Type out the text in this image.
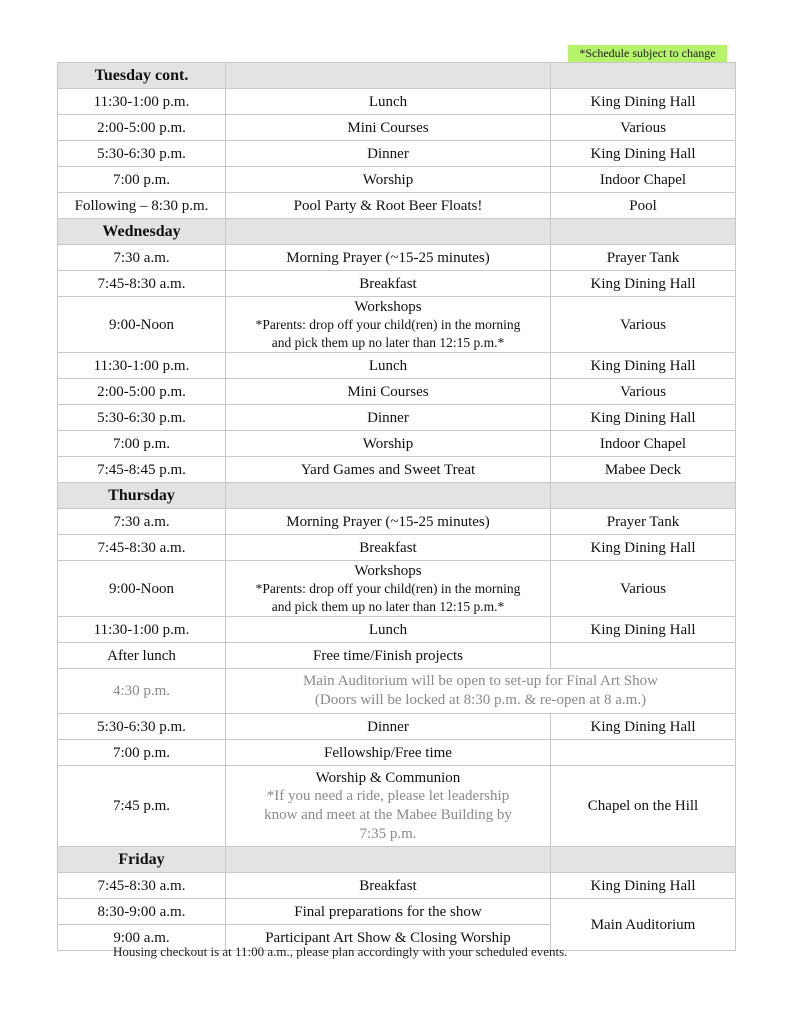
*Schedule subject to change
Tuesday cont.		
11:30-1:00 p.m.	Lunch	King Dining Hall
2:00-5:00 p.m.	Mini Courses	Various
5:30-6:30 p.m.	Dinner	King Dining Hall
7:00 p.m.	Worship	Indoor Chapel
Following – 8:30 p.m.	Pool Party & Root Beer Floats!	Pool
Wednesday		
7:30 a.m.	Morning Prayer (~15-25 minutes)	Prayer Tank
7:45-8:30 a.m.	Breakfast	King Dining Hall
9:00-Noon	Workshops
*Parents: drop off your child(ren) in the morning
and pick them up no later than 12:15 p.m.*	Various
11:30-1:00 p.m.	Lunch	King Dining Hall
2:00-5:00 p.m.	Mini Courses	Various
5:30-6:30 p.m.	Dinner	King Dining Hall
7:00 p.m.	Worship	Indoor Chapel
7:45-8:45 p.m.	Yard Games and Sweet Treat	Mabee Deck
Thursday		
7:30 a.m.	Morning Prayer (~15-25 minutes)	Prayer Tank
7:45-8:30 a.m.	Breakfast	King Dining Hall
9:00-Noon	Workshops
*Parents: drop off your child(ren) in the morning
and pick them up no later than 12:15 p.m.*	Various
11:30-1:00 p.m.	Lunch	King Dining Hall
After lunch	Free time/Finish projects	
4:30 p.m.	Main Auditorium will be open to set-up for Final Art Show
(Doors will be locked at 8:30 p.m. & re-open at 8 a.m.)	

5:30-6:30 p.m.	Dinner	King Dining Hall
7:00 p.m.	Fellowship/Free time	
7:45 p.m.	Worship & Communion
*If you need a ride, please let leadership
know and meet at the Mabee Building by
7:35 p.m.	Chapel on the Hill
Friday		
7:45-8:30 a.m.	Breakfast	King Dining Hall
8:30-9:00 a.m.	Final preparations for the show	Main Auditorium
9:00 a.m.	Participant Art Show & Closing Worship	
Housing checkout is at 11:00 a.m., please plan accordingly with your scheduled events.
